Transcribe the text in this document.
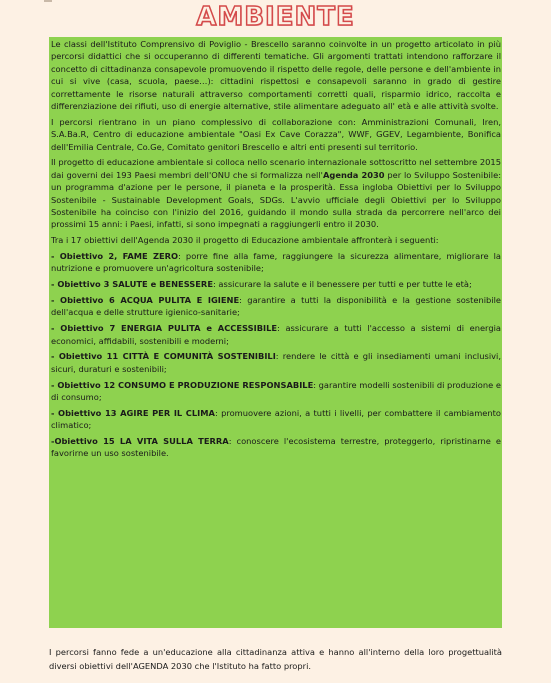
AMBIENTE

Le classi dell'Istituto Comprensivo di Poviglio - Brescello saranno coinvolte in un progetto articolato in più percorsi didattici che si occuperanno di differenti tematiche. Gli argomenti trattati intendono rafforzare il concetto di cittadinanza consapevole promuovendo il rispetto delle regole, delle persone e dell'ambiente in cui si vive (casa, scuola, paese…): cittadini rispettosi e consapevoli saranno in grado di gestire correttamente le risorse naturali attraverso comportamenti corretti quali, risparmio idrico, raccolta e differenziazione dei rifiuti, uso di energie alternative, stile alimentare adeguato all' età e alle attività svolte.

I percorsi rientrano in un piano complessivo di collaborazione con: Amministrazioni Comunali, Iren, S.A.Ba.R, Centro di educazione ambientale "Oasi Ex Cave Corazza", WWF, GGEV, Legambiente, Bonifica dell'Emilia Centrale, Co.Ge, Comitato genitori Brescello e altri enti presenti sul territorio.

Il progetto di educazione ambientale si colloca nello scenario internazionale sottoscritto nel settembre 2015 dai governi dei 193 Paesi membri dell'ONU che si formalizza nell'Agenda 2030 per lo Sviluppo Sostenibile: un programma d'azione per le persone, il pianeta e la prosperità. Essa ingloba Obiettivi per lo Sviluppo Sostenibile - Sustainable Development Goals, SDGs. L'avvio ufficiale degli Obiettivi per lo Sviluppo Sostenibile ha coinciso con l'inizio del 2016, guidando il mondo sulla strada da percorrere nell'arco dei prossimi 15 anni: i Paesi, infatti, si sono impegnati a raggiungerli entro il 2030.

Tra i 17 obiettivi dell'Agenda 2030 il progetto di Educazione ambientale affronterà i seguenti:

- Obiettivo 2, FAME ZERO: porre fine alla fame, raggiungere la sicurezza alimentare, migliorare la nutrizione e promuovere un'agricoltura sostenibile;

- Obiettivo 3 SALUTE e BENESSERE: assicurare la salute e il benessere per tutti e per tutte le età;

- Obiettivo 6 ACQUA PULITA E IGIENE: garantire a tutti la disponibilità e la gestione sostenibile dell'acqua e delle strutture igienico-sanitarie;

- Obiettivo 7 ENERGIA PULITA e ACCESSIBILE: assicurare a tutti l'accesso a sistemi di energia economici, affidabili, sostenibili e moderni;

- Obiettivo 11 CITTÀ E COMUNITÀ SOSTENIBILI: rendere le città e gli insediamenti umani inclusivi, sicuri, duraturi e sostenibili;

- Obiettivo 12 CONSUMO E PRODUZIONE RESPONSABILE: garantire modelli sostenibili di produzione e di consumo;

- Obiettivo 13 AGIRE PER IL CLIMA: promuovere azioni, a tutti i livelli, per combattere il cambiamento climatico;

-Obiettivo 15 LA VITA SULLA TERRA: conoscere l'ecosistema terrestre, proteggerlo, ripristinarne e favorirne un uso sostenibile.

I percorsi fanno fede a un'educazione alla cittadinanza attiva e hanno all'interno della loro progettualità diversi obiettivi dell'AGENDA 2030 che l'Istituto ha fatto propri.
